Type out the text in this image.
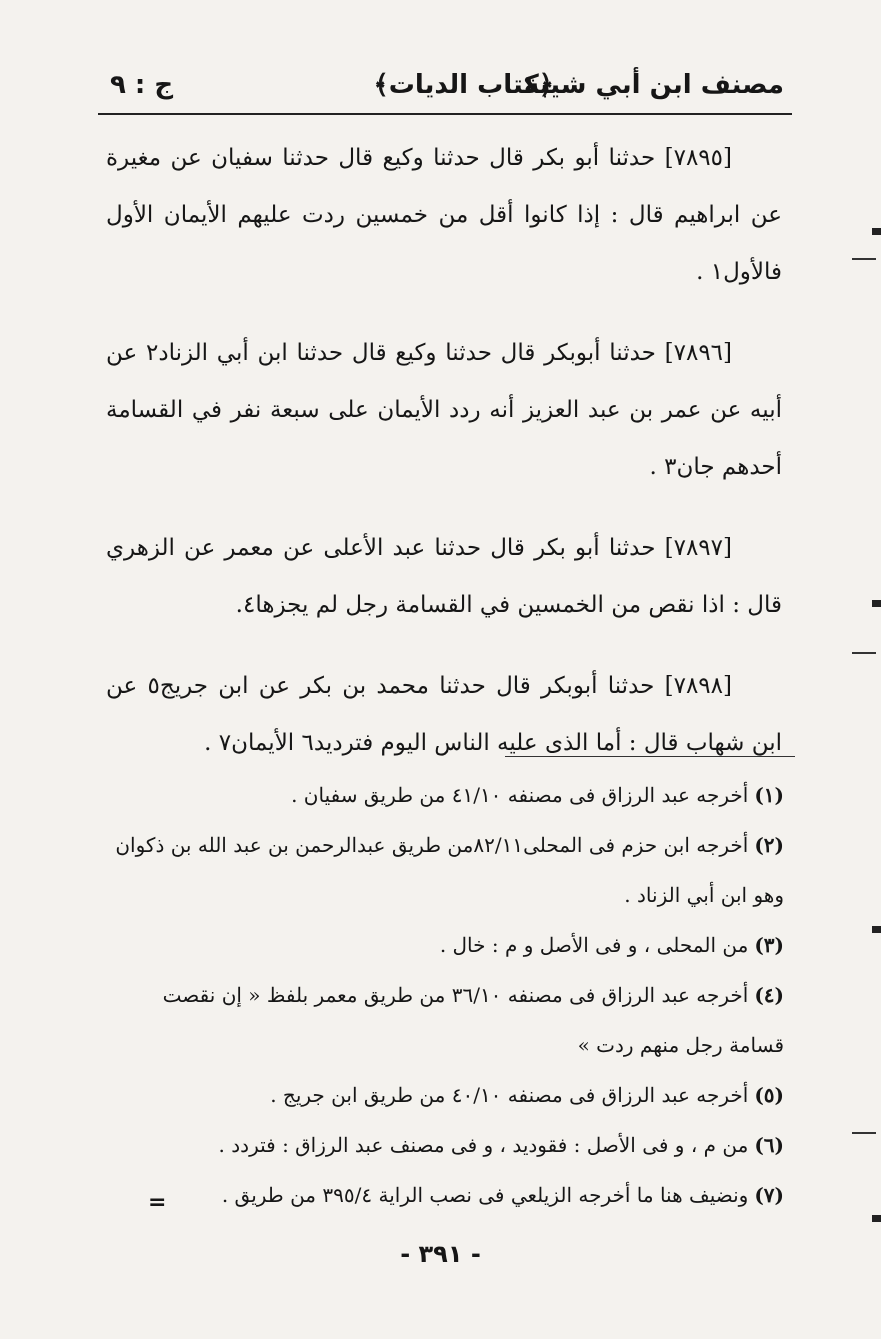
مصنف ابن أبي شيبة
﴿كتاب الديات﴾
ج : ٩

[٧٨٩٥] حدثنا أبو بكر قال حدثنا وكيع قال حدثنا سفيان عن مغيرة عن ابراهيم قال : إذا كانوا أقل من خمسين ردت عليهم الأيمان الأول فالأول١ .

[٧٨٩٦] حدثنا أبوبكر قال حدثنا وكيع قال حدثنا ابن أبي الزناد٢ عن أبيه عن عمر بن عبد العزيز أنه ردد الأيمان على سبعة نفر في القسامة أحدهم جان٣ .

[٧٨٩٧] حدثنا أبو بكر قال حدثنا عبد الأعلى عن معمر عن الزهري قال : اذا نقص من الخمسين في القسامة رجل لم يجزها٤.

[٧٨٩٨] حدثنا أبوبكر قال حدثنا محمد بن بكر عن ابن جريج٥ عن ابن شهاب قال : أما الذى عليه الناس اليوم فترديد٦ الأيمان٧ .

(١)أخرجه عبد الرزاق فى مصنفه ٤١/١٠ من طريق سفيان .

(٢)أخرجه ابن حزم فى المحلى٨٢/١١من طريق عبدالرحمن بن عبد الله بن ذكوان وهو ابن أبي الزناد .

(٣)من المحلى ، و فى الأصل و م : خال .

(٤)أخرجه عبد الرزاق فى مصنفه ٣٦/١٠ من طريق معمر بلفظ « إن نقصت قسامة رجل منهم ردت »

(٥)أخرجه عبد الرزاق فى مصنفه ٤٠/١٠ من طريق ابن جريج .

(٦)من م ، و فى الأصل : فقوديد ، و فى مصنف عبد الرزاق : فتردد .

(٧)ونضيف هنا ما أخرجه الزيلعي فى نصب الراية ٣٩٥/٤ من طريق .

=
- ٣٩١ -
